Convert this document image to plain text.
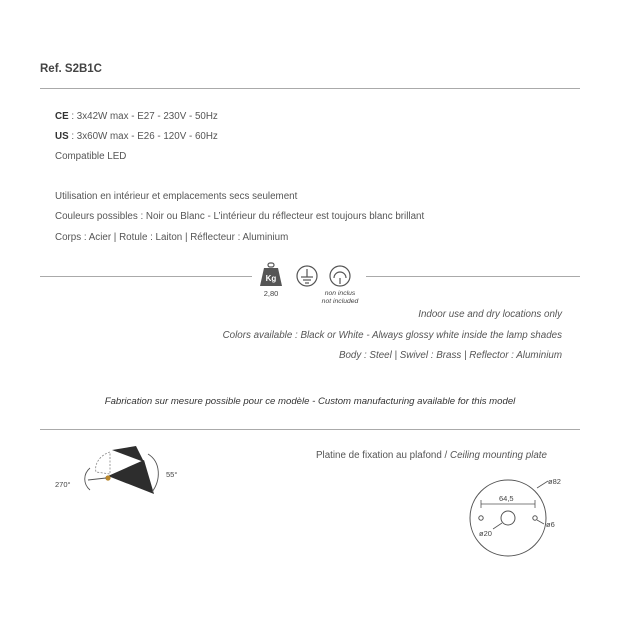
Ref. S2B1C
CE : 3x42W max - E27 - 230V - 50Hz
US : 3x60W max - E26 - 120V - 60Hz
Compatible LED
Utilisation en intérieur et emplacements secs seulement
Couleurs possibles : Noir ou Blanc - L’intérieur du réflecteur est toujours blanc brillant
Corps : Acier | Rotule : Laiton | Réflecteur : Aluminium
Kg
2,80	non inclus
not included
Indoor use and dry locations only
Colors available : Black or White - Always glossy white inside the lamp shades
Body : Steel | Swivel : Brass | Reflector : Aluminium
Fabrication sur mesure possible pour ce modèle - Custom manufacturing available for this model
Platine de fixation au plafond / Ceiling mounting plate
270°
55°
64,5
ø82
ø20
ø6
